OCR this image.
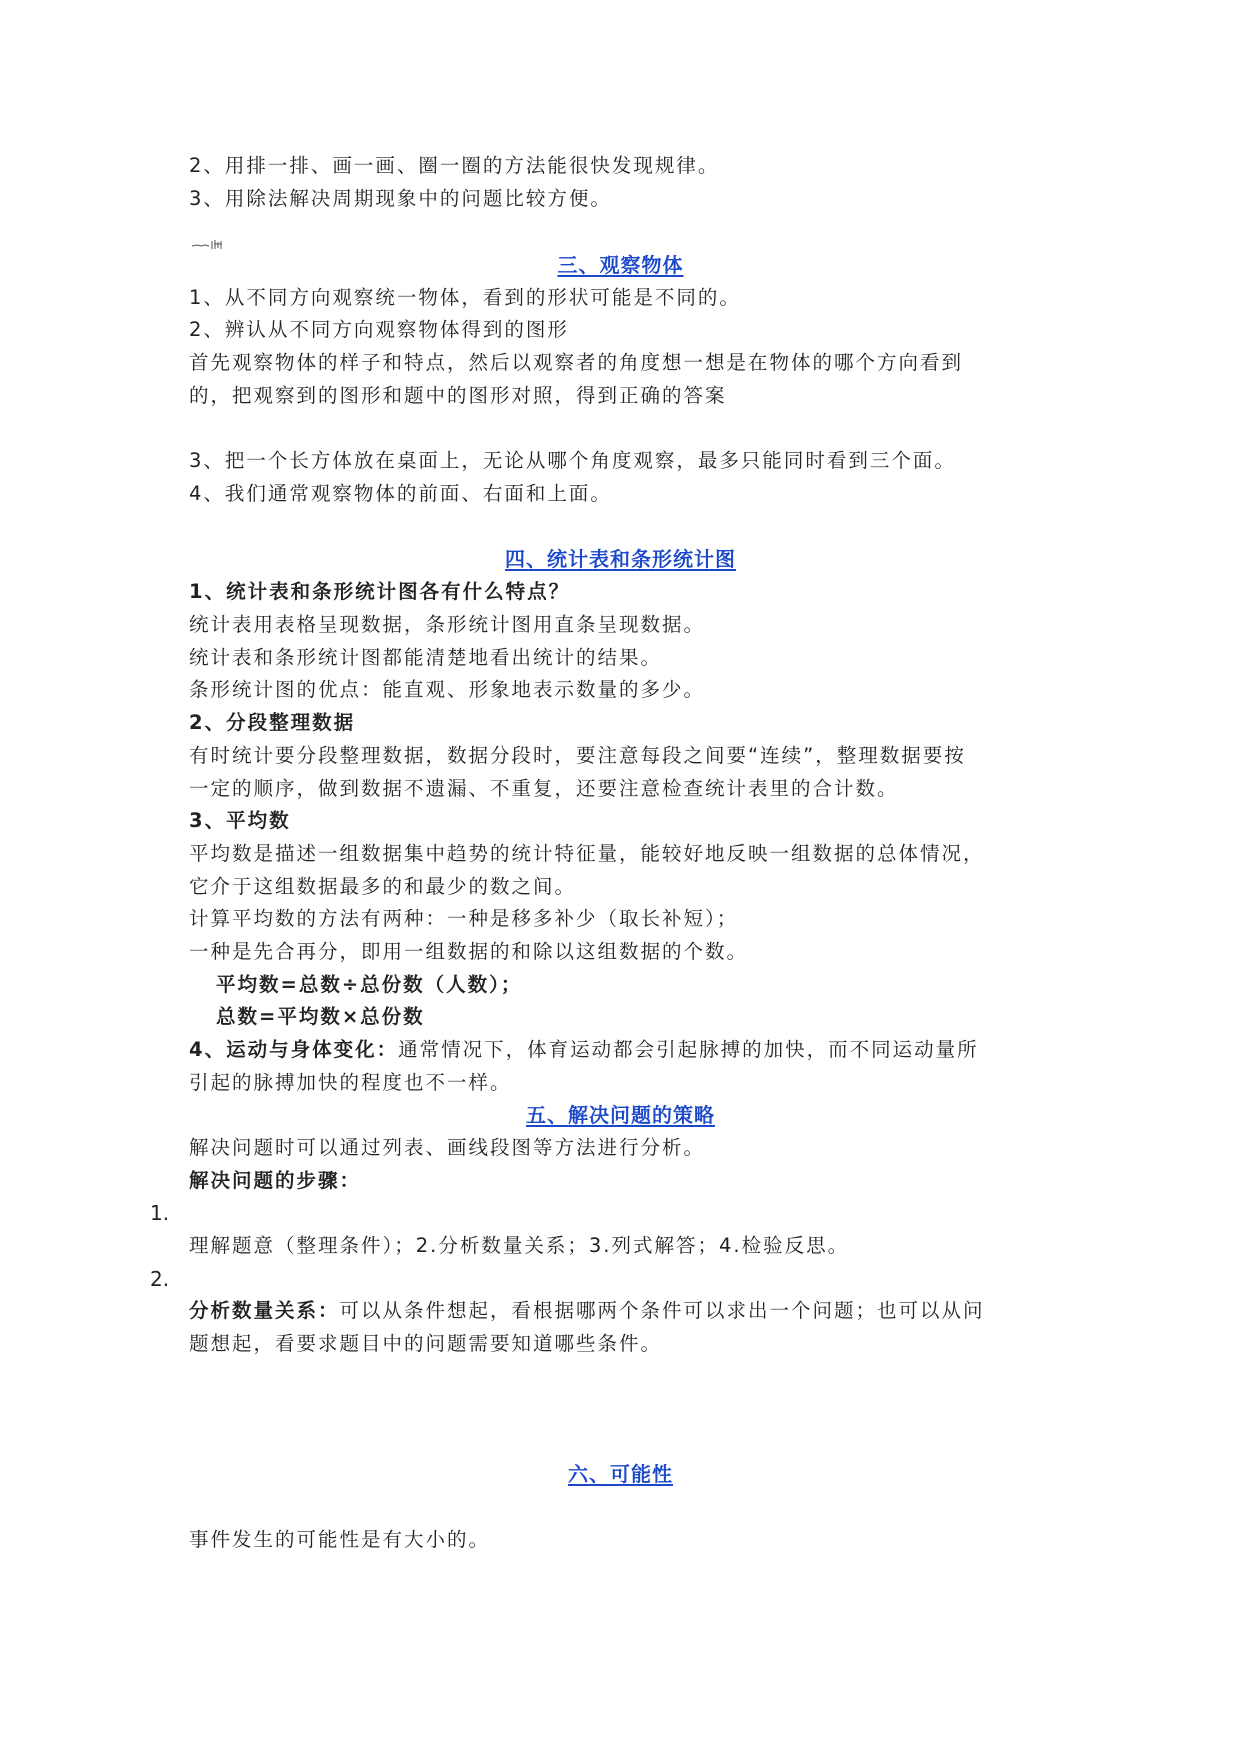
2、用排一排、画一画、圈一圈的方法能很快发现规律。
3、用除法解决周期现象中的问题比较方便。
三、观察物体
1、从不同方向观察统一物体，看到的形状可能是不同的。
2、辨认从不同方向观察物体得到的图形
首先观察物体的样子和特点，然后以观察者的角度想一想是在物体的哪个方向看到
的，把观察到的图形和题中的图形对照，得到正确的答案
3、把一个长方体放在桌面上，无论从哪个角度观察，最多只能同时看到三个面。
4、我们通常观察物体的前面、右面和上面。
四、统计表和条形统计图
1、统计表和条形统计图各有什么特点？
统计表用表格呈现数据，条形统计图用直条呈现数据。
统计表和条形统计图都能清楚地看出统计的结果。
条形统计图的优点：能直观、形象地表示数量的多少。
2、分段整理数据
有时统计要分段整理数据，数据分段时，要注意每段之间要“连续”，整理数据要按
一定的顺序，做到数据不遗漏、不重复，还要注意检查统计表里的合计数。
3、平均数
平均数是描述一组数据集中趋势的统计特征量，能较好地反映一组数据的总体情况，
它介于这组数据最多的和最少的数之间。
计算平均数的方法有两种：一种是移多补少（取长补短）；
一种是先合再分，即用一组数据的和除以这组数据的个数。
平均数=总数÷总份数（人数）；
总数=平均数×总份数
4、运动与身体变化：通常情况下，体育运动都会引起脉搏的加快，而不同运动量所
引起的脉搏加快的程度也不一样。
五、解决问题的策略
解决问题时可以通过列表、画线段图等方法进行分析。
解决问题的步骤：
1.
理解题意（整理条件）；2.分析数量关系；3.列式解答；4.检验反思。
2.
分析数量关系：可以从条件想起，看根据哪两个条件可以求出一个问题；也可以从问
题想起，看要求题目中的问题需要知道哪些条件。
六、可能性
事件发生的可能性是有大小的。
